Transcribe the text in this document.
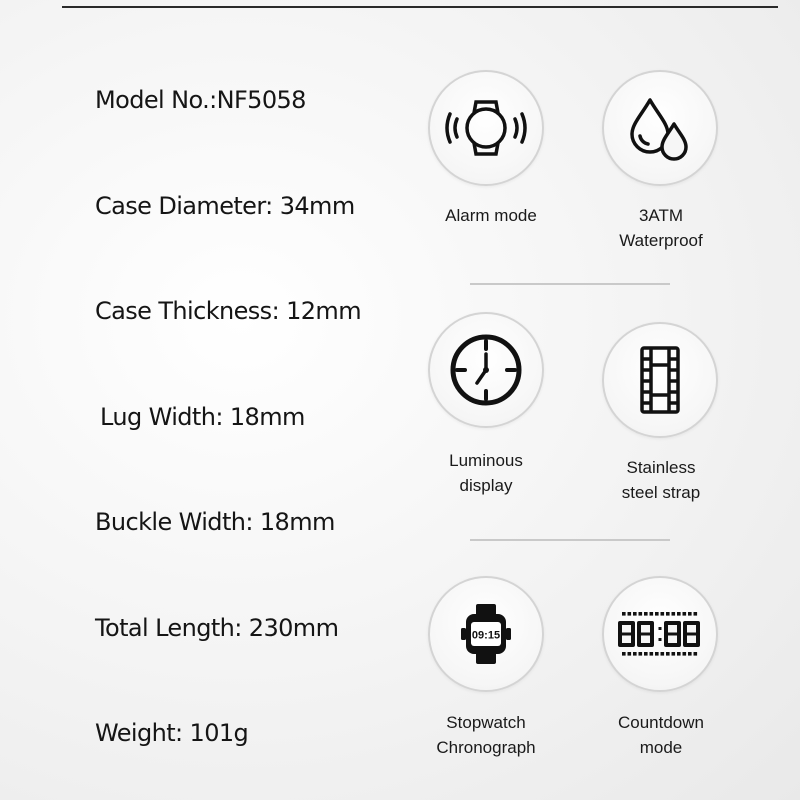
Model No.:NF5058
Case Diameter: 34mm
Case Thickness: 12mm
Lug Width: 18mm
Buckle Width: 18mm
Total Length: 230mm
Weight: 101g
Alarm mode	3ATM
Waterproof
Luminous
display
Stainless
steel strap
09:15
Stopwatch
Chronograph
Countdown
mode
